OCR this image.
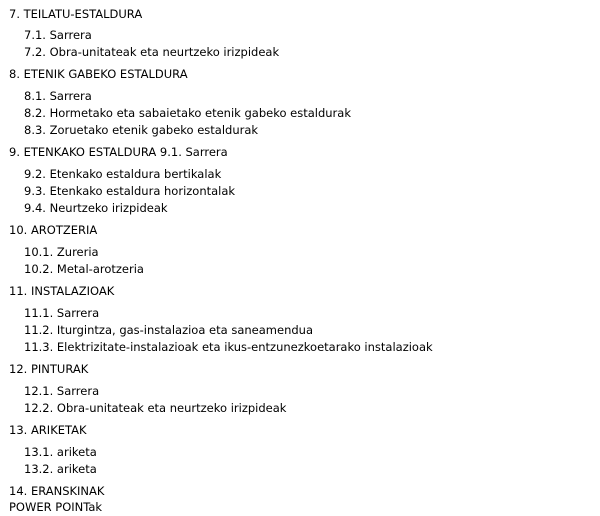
7. TEILATU-ESTALDURA
7.1. Sarrera
7.2. Obra-unitateak eta neurtzeko irizpideak
8. ETENIK GABEKO ESTALDURA
8.1. Sarrera
8.2. Hormetako eta sabaietako etenik gabeko estaldurak
8.3. Zoruetako etenik gabeko estaldurak
9. ETENKAKO ESTALDURA 9.1. Sarrera
9.2. Etenkako estaldura bertikalak
9.3. Etenkako estaldura horizontalak
9.4. Neurtzeko irizpideak
10. AROTZERIA
10.1. Zureria
10.2. Metal-arotzeria
11. INSTALAZIOAK
11.1. Sarrera
11.2. Iturgintza, gas-instalazioa eta saneamendua
11.3. Elektrizitate-instalazioak eta ikus-entzunezkoetarako instalazioak
12. PINTURAK
12.1. Sarrera
12.2. Obra-unitateak eta neurtzeko irizpideak
13. ARIKETAK
13.1. ariketa
13.2. ariketa
14. ERANSKINAK
POWER POINTak
